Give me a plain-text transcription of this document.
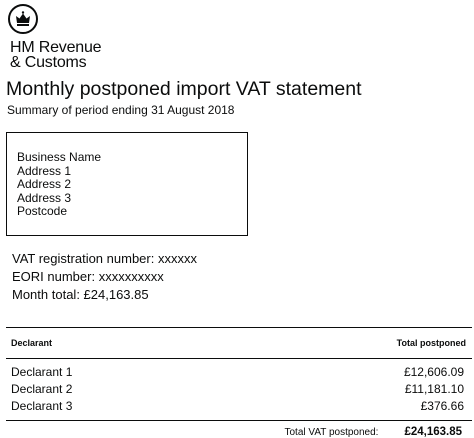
HM Revenue
& Customs
Monthly postponed import VAT statement
Summary of period ending 31 August 2018
Business Name
Address 1
Address 2
Address 3
Postcode
VAT registration number: xxxxxx
EORI number: xxxxxxxxxx
Month total: £24,163.85
Declarant	Total postponed
Declarant 1	£12,606.09
Declarant 2	£11,181.10
Declarant 3	£376.66
Total VAT postponed: £24,163.85
